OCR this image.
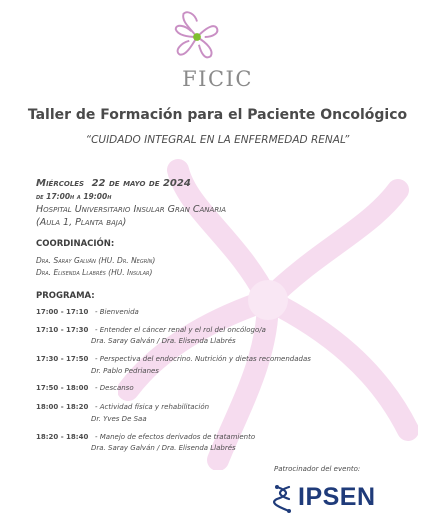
FICIC
Taller de Formación para el Paciente Oncológico
“CUIDADO INTEGRAL EN LA ENFERMEDAD RENAL”
Miércoles 22 de mayo de 2024
de 17:00h a 19:00h
Hospital Universitario Insular Gran Canaria
(Aula 1, Planta baja)
COORDINACIÓN:
Dra. Saray Galván (HU. Dr. Negrín)
Dra. Elisenda Llabrés (HU. Insular)
PROGRAMA:
17:00 - 17:10 - Bienvenida
17:10 - 17:30 - Entender el cáncer renal y el rol del oncólogo/a
Dra. Saray Galván / Dra. Elisenda Llabrés
17:30 - 17:50 - Perspectiva del endocrino. Nutrición y dietas recomendadas
Dr. Pablo Pedrianes
17:50 - 18:00 - Descanso
18:00 - 18:20 - Actividad física y rehabilitación
Dr. Yves De Saa
18:20 - 18:40 - Manejo de efectos derivados de tratamiento
Dra. Saray Galván / Dra. Elisenda Llabrés
Patrocinador del evento:
IPSEN
